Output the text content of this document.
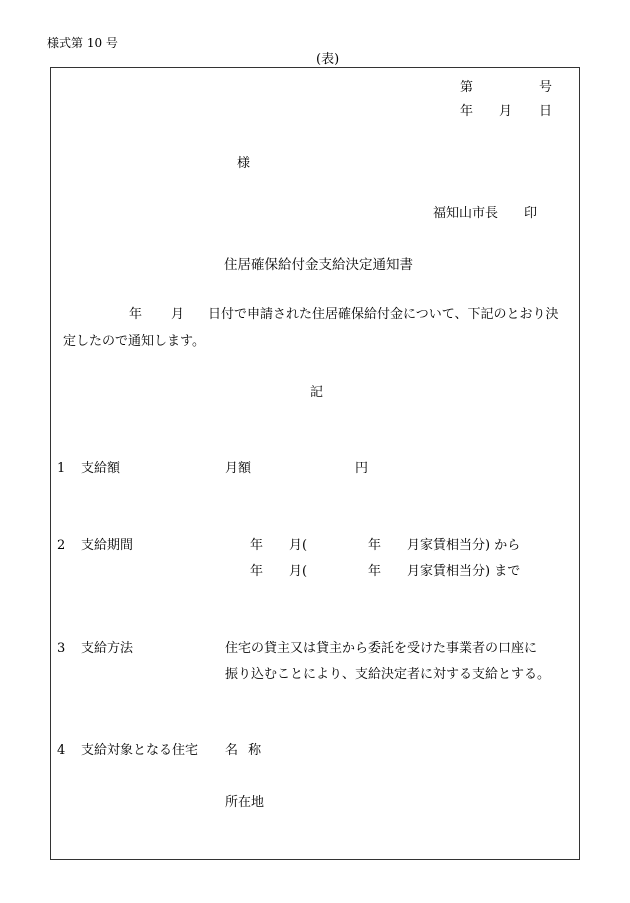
様式第 10 号
(表)
第	号
年 月 日
様
福知山市長 印
住居確保給付金支給決定通知書
年 月 日付で申請された住居確保給付金について、下記のとおり決
定したので通知します。
記
1 支給額	月額	円
2 支給期間	年 月(	年 月家賃相当分) から
年 月(	年 月家賃相当分) まで
3 支給方法	住宅の貸主又は貸主から委託を受けた事業者の口座に
振り込むことにより、支給決定者に対する支給とする。
4 支給対象となる住宅 名 称
所在地
